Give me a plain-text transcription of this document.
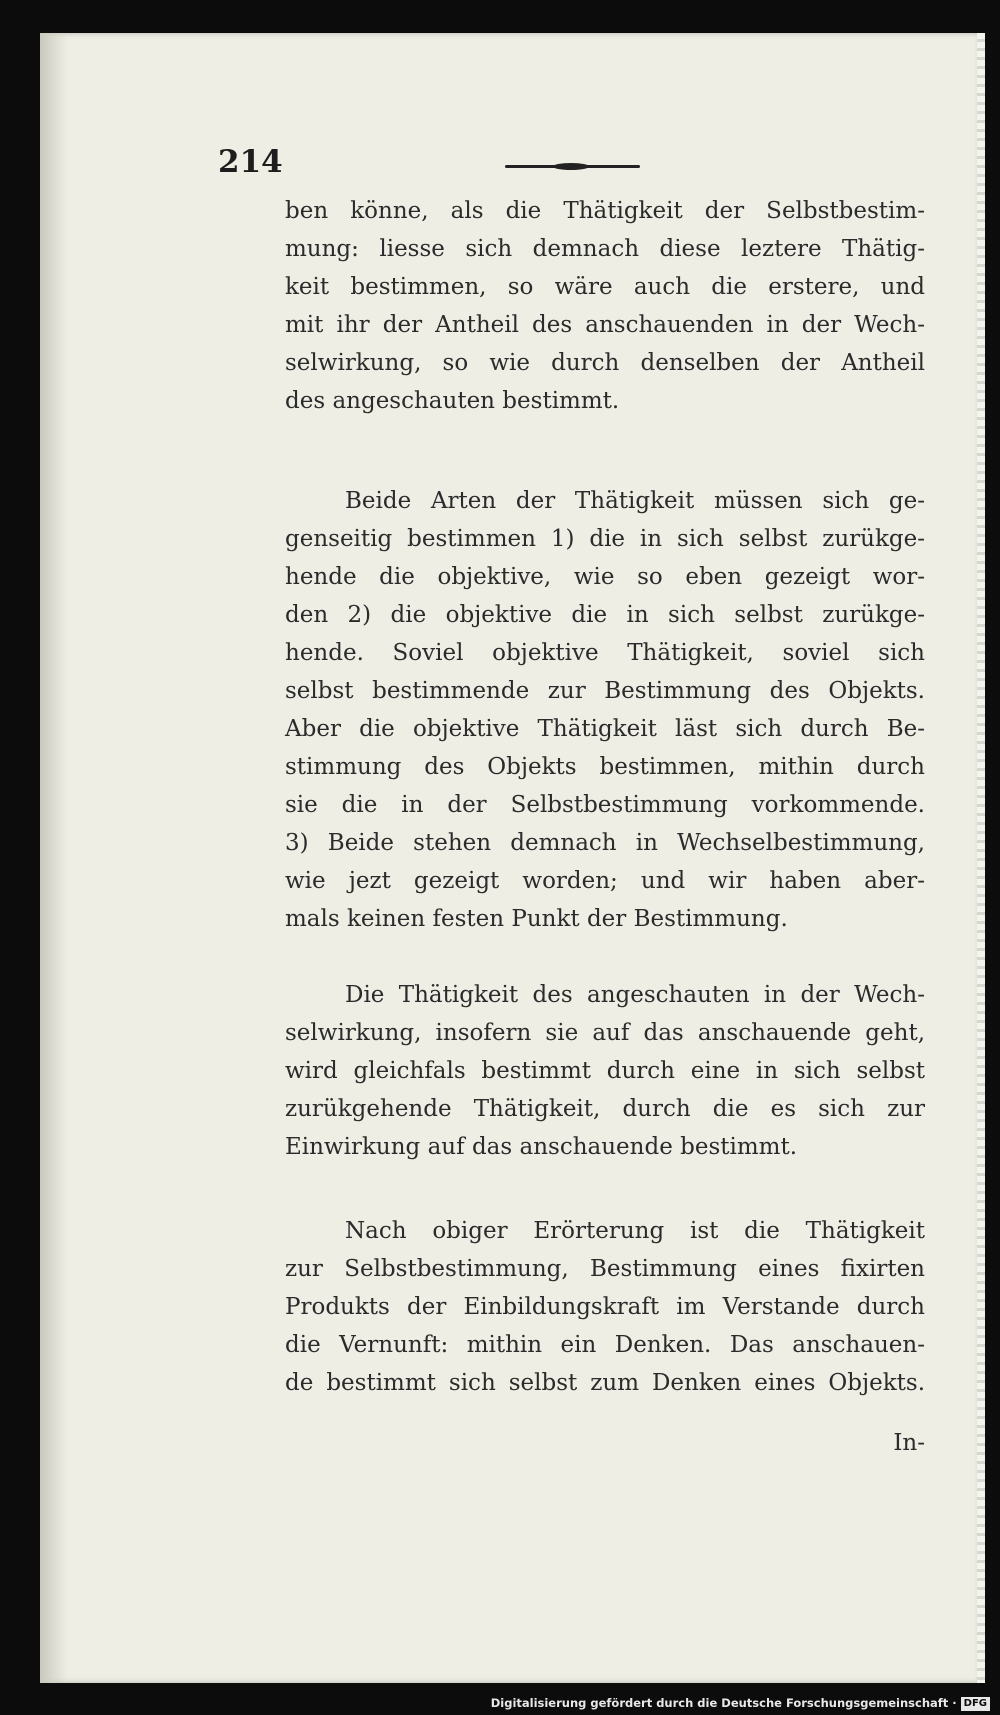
214
ben könne, als die Thätigkeit der Selbstbestim-
mung: liesse sich demnach diese leztere Thätig-
keit bestimmen, so wäre auch die erstere, und
mit ihr der Antheil des anschauenden in der Wech-
selwirkung, so wie durch denselben der Antheil
des angeschauten bestimmt.
Beide Arten der Thätigkeit müssen sich ge-
genseitig bestimmen 1) die in sich selbst zurükge-
hende die objektive, wie so eben gezeigt wor-
den 2) die objektive die in sich selbst zurükge-
hende. Soviel objektive Thätigkeit, soviel sich
selbst bestimmende zur Bestimmung des Objekts.
Aber die objektive Thätigkeit läst sich durch Be-
stimmung des Objekts bestimmen, mithin durch
sie die in der Selbstbestimmung vorkommende.
3) Beide stehen demnach in Wechselbestimmung,
wie jezt gezeigt worden; und wir haben aber-
mals keinen festen Punkt der Bestimmung.
Die Thätigkeit des angeschauten in der Wech-
selwirkung, insofern sie auf das anschauende geht,
wird gleichfals bestimmt durch eine in sich selbst
zurükgehende Thätigkeit, durch die es sich zur
Einwirkung auf das anschauende bestimmt.
Nach obiger Erörterung ist die Thätigkeit
zur Selbstbestimmung, Bestimmung eines fixirten
Produkts der Einbildungskraft im Verstande durch
die Vernunft: mithin ein Denken. Das anschauen-
de bestimmt sich selbst zum Denken eines Objekts.
In-
Digitalisierung gefördert durch die Deutsche Forschungsgemeinschaft · DFG
